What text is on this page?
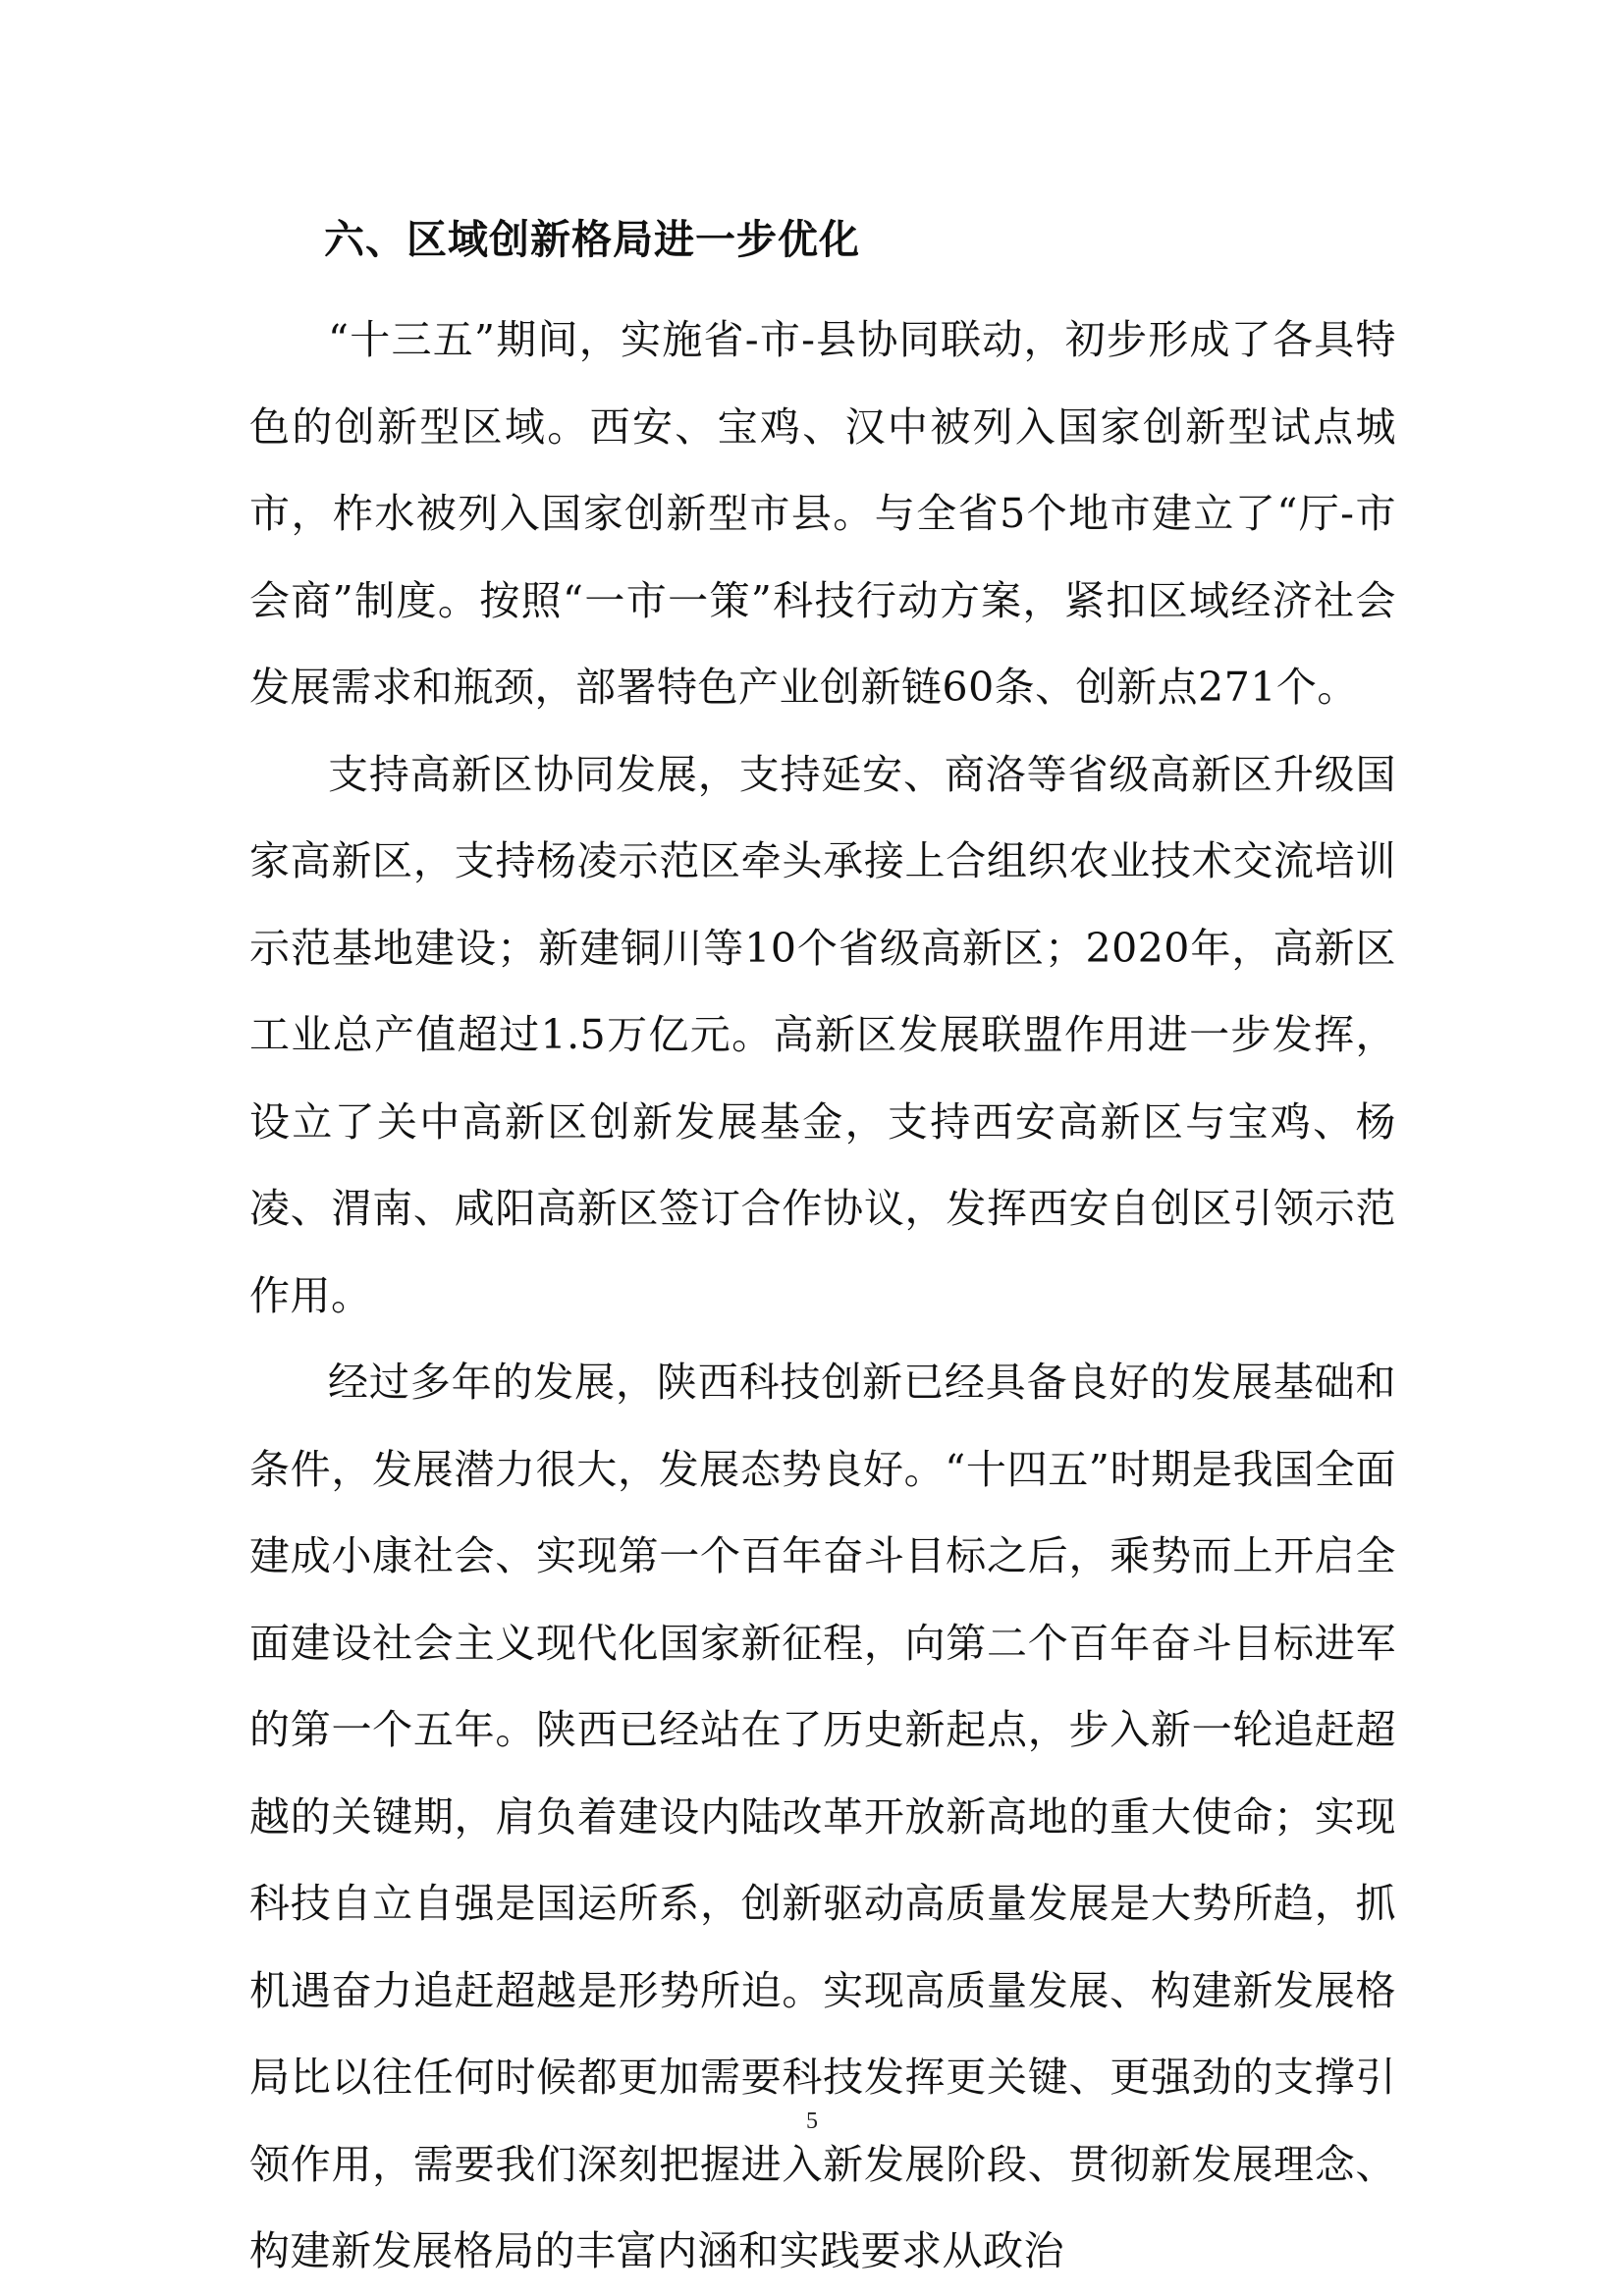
六、区域创新格局进一步优化

“十三五”期间，实施省-市-县协同联动，初步形成了各具特色的创新型区域。西安、宝鸡、汉中被列入国家创新型试点城市，柞水被列入国家创新型市县。与全省5个地市建立了“厅-市会商”制度。按照“一市一策”科技行动方案，紧扣区域经济社会发展需求和瓶颈，部署特色产业创新链60条、创新点271个。

支持高新区协同发展，支持延安、商洛等省级高新区升级国家高新区，支持杨凌示范区牵头承接上合组织农业技术交流培训示范基地建设；新建铜川等10个省级高新区；2020年，高新区工业总产值超过1.5万亿元。高新区发展联盟作用进一步发挥，设立了关中高新区创新发展基金，支持西安高新区与宝鸡、杨凌、渭南、咸阳高新区签订合作协议，发挥西安自创区引领示范作用。

经过多年的发展，陕西科技创新已经具备良好的发展基础和条件，发展潜力很大，发展态势良好。“十四五”时期是我国全面建成小康社会、实现第一个百年奋斗目标之后，乘势而上开启全面建设社会主义现代化国家新征程，向第二个百年奋斗目标进军的第一个五年。陕西已经站在了历史新起点，步入新一轮追赶超越的关键期，肩负着建设内陆改革开放新高地的重大使命；实现科技自立自强是国运所系，创新驱动高质量发展是大势所趋，抓机遇奋力追赶超越是形势所迫。实现高质量发展、构建新发展格局比以往任何时候都更加需要科技发挥更关键、更强劲的支撑引领作用，需要我们深刻把握进入新发展阶段、贯彻新发展理念、构建新发展格局的丰富内涵和实践要求从政治

5
